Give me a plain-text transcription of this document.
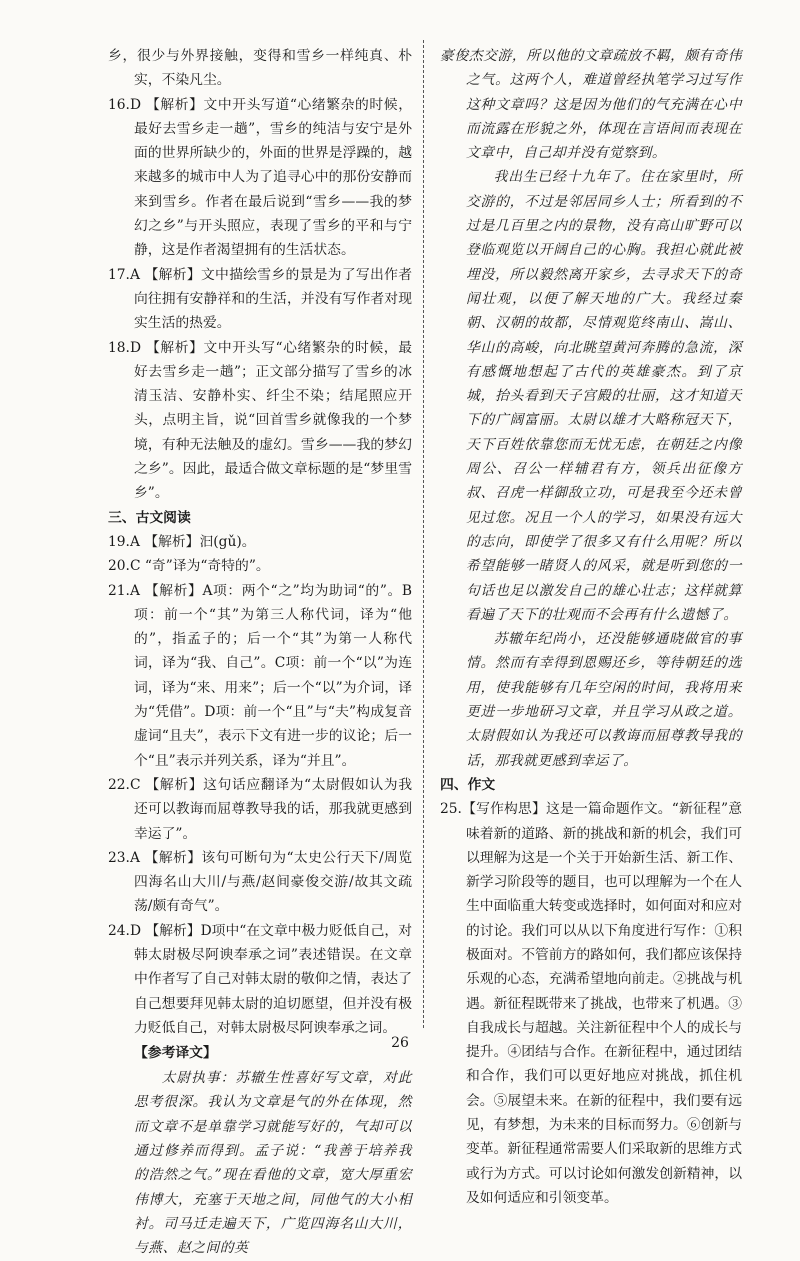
乡，很少与外界接触，变得和雪乡一样纯真、朴实，不染凡尘。

16.D 【解析】文中开头写道“心绪繁杂的时候，最好去雪乡走一趟”，雪乡的纯洁与安宁是外面的世界所缺少的，外面的世界是浮躁的，越来越多的城市中人为了追寻心中的那份安静而来到雪乡。作者在最后说到“雪乡——我的梦幻之乡”与开头照应，表现了雪乡的平和与宁静，这是作者渴望拥有的生活状态。

17.A 【解析】文中描绘雪乡的景是为了写出作者向往拥有安静祥和的生活，并没有写作者对现实生活的热爱。

18.D 【解析】文中开头写“心绪繁杂的时候，最好去雪乡走一趟”；正文部分描写了雪乡的冰清玉洁、安静朴实、纤尘不染；结尾照应开头，点明主旨，说“回首雪乡就像我的一个梦境，有种无法触及的虚幻。雪乡——我的梦幻之乡”。因此，最适合做文章标题的是“梦里雪乡”。

三、古文阅读

19.A 【解析】汩(gǔ)。

20.C “奇”译为“奇特的”。

21.A 【解析】A项：两个“之”均为助词“的”。B项：前一个“其”为第三人称代词，译为“他的”，指孟子的；后一个“其”为第一人称代词，译为“我、自己”。C项：前一个“以”为连词，译为“来、用来”；后一个“以”为介词，译为“凭借”。D项：前一个“且”与“夫”构成复音虚词“且夫”，表示下文有进一步的议论；后一个“且”表示并列关系，译为“并且”。

22.C 【解析】这句话应翻译为“太尉假如认为我还可以教诲而屈尊教导我的话，那我就更感到幸运了”。

23.A 【解析】该句可断句为“太史公行天下/周览四海名山大川/与燕/赵间豪俊交游/故其文疏荡/颇有奇气”。

24.D 【解析】D项中“在文章中极力贬低自己，对韩太尉极尽阿谀奉承之词”表述错误。在文章中作者写了自己对韩太尉的敬仰之情，表达了自己想要拜见韩太尉的迫切愿望，但并没有极力贬低自己，对韩太尉极尽阿谀奉承之词。

【参考译文】

太尉执事：苏辙生性喜好写文章，对此思考很深。我认为文章是气的外在体现，然而文章不是单靠学习就能写好的，气却可以通过修养而得到。孟子说：“我善于培养我的浩然之气。”现在看他的文章，宽大厚重宏伟博大，充塞于天地之间，同他气的大小相衬。司马迁走遍天下，广览四海名山大川，与燕、赵之间的英

豪俊杰交游，所以他的文章疏放不羁，颇有奇伟之气。这两个人，难道曾经执笔学习过写作这种文章吗？这是因为他们的气充满在心中而流露在形貌之外，体现在言语间而表现在文章中，自己却并没有觉察到。

我出生已经十九年了。住在家里时，所交游的，不过是邻居同乡人士；所看到的不过是几百里之内的景物，没有高山旷野可以登临观览以开阔自己的心胸。我担心就此被埋没，所以毅然离开家乡，去寻求天下的奇闻壮观，以便了解天地的广大。我经过秦朝、汉朝的故都，尽情观览终南山、嵩山、华山的高峻，向北眺望黄河奔腾的急流，深有感慨地想起了古代的英雄豪杰。到了京城，抬头看到天子宫殿的壮丽，这才知道天下的广阔富丽。太尉以雄才大略称冠天下，天下百姓依靠您而无忧无虑，在朝廷之内像周公、召公一样辅君有方，领兵出征像方叔、召虎一样御敌立功，可是我至今还未曾见过您。况且一个人的学习，如果没有远大的志向，即使学了很多又有什么用呢？所以希望能够一睹贤人的风采，就是听到您的一句话也足以激发自己的雄心壮志；这样就算看遍了天下的壮观而不会再有什么遗憾了。

苏辙年纪尚小，还没能够通晓做官的事情。然而有幸得到恩赐还乡，等待朝廷的选用，使我能够有几年空闲的时间，我将用来更进一步地研习文章，并且学习从政之道。太尉假如认为我还可以教诲而屈尊教导我的话，那我就更感到幸运了。

四、作文

25.【写作构思】这是一篇命题作文。“新征程”意味着新的道路、新的挑战和新的机会，我们可以理解为这是一个关于开始新生活、新工作、新学习阶段等的题目，也可以理解为一个在人生中面临重大转变或选择时，如何面对和应对的讨论。我们可以从以下角度进行写作：①积极面对。不管前方的路如何，我们都应该保持乐观的心态，充满希望地向前走。②挑战与机遇。新征程既带来了挑战，也带来了机遇。③自我成长与超越。关注新征程中个人的成长与提升。④团结与合作。在新征程中，通过团结和合作，我们可以更好地应对挑战，抓住机会。⑤展望未来。在新的征程中，我们要有远见，有梦想，为未来的目标而努力。⑥创新与变革。新征程通常需要人们采取新的思维方式或行为方式。可以讨论如何激发创新精神，以及如何适应和引领变革。

26
